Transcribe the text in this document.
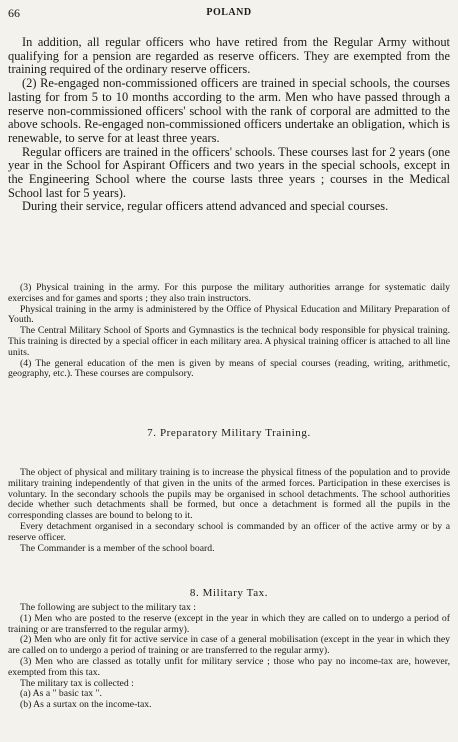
66	POLAND

In addition, all regular officers who have retired from the Regular Army without qualifying for a pension are regarded as reserve officers. They are exempted from the training required of the ordinary reserve officers.

(2) Re-engaged non-commissioned officers are trained in special schools, the courses lasting for from 5 to 10 months according to the arm. Men who have passed through a reserve non-commissioned officers' school with the rank of corporal are admitted to the above schools. Re-engaged non-commissioned officers undertake an obligation, which is renewable, to serve for at least three years.

Regular officers are trained in the officers' schools. These courses last for 2 years (one year in the School for Aspirant Officers and two years in the special schools, except in the Engineering School where the course lasts three years ; courses in the Medical School last for 5 years).

During their service, regular officers attend advanced and special courses.

(3) Physical training in the army. For this purpose the military authorities arrange for systematic daily exercises and for games and sports ; they also train instructors.

Physical training in the army is administered by the Office of Physical Education and Military Preparation of Youth.

The Central Military School of Sports and Gymnastics is the technical body responsible for physical training. This training is directed by a special officer in each military area. A physical training officer is attached to all line units.

(4) The general education of the men is given by means of special courses (reading, writing, arithmetic, geography, etc.). These courses are compulsory.

7. Preparatory Military Training.

The object of physical and military training is to increase the physical fitness of the population and to provide military training independently of that given in the units of the armed forces. Participation in these exercises is voluntary. In the secondary schools the pupils may be organised in school detachments. The school authorities decide whether such detachments shall be formed, but once a detachment is formed all the pupils in the corresponding classes are bound to belong to it.

Every detachment organised in a secondary school is commanded by an officer of the active army or by a reserve officer.

The Commander is a member of the school board.

8. Military Tax.

The following are subject to the military tax :

(1) Men who are posted to the reserve (except in the year in which they are called on to undergo a period of training or are transferred to the regular army).

(2) Men who are only fit for active service in case of a general mobilisation (except in the year in which they are called on to undergo a period of training or are transferred to the regular army).

(3) Men who are classed as totally unfit for military service ; those who pay no income-tax are, however, exempted from this tax.

The military tax is collected :

(a) As a " basic tax ".

(b) As a surtax on the income-tax.
